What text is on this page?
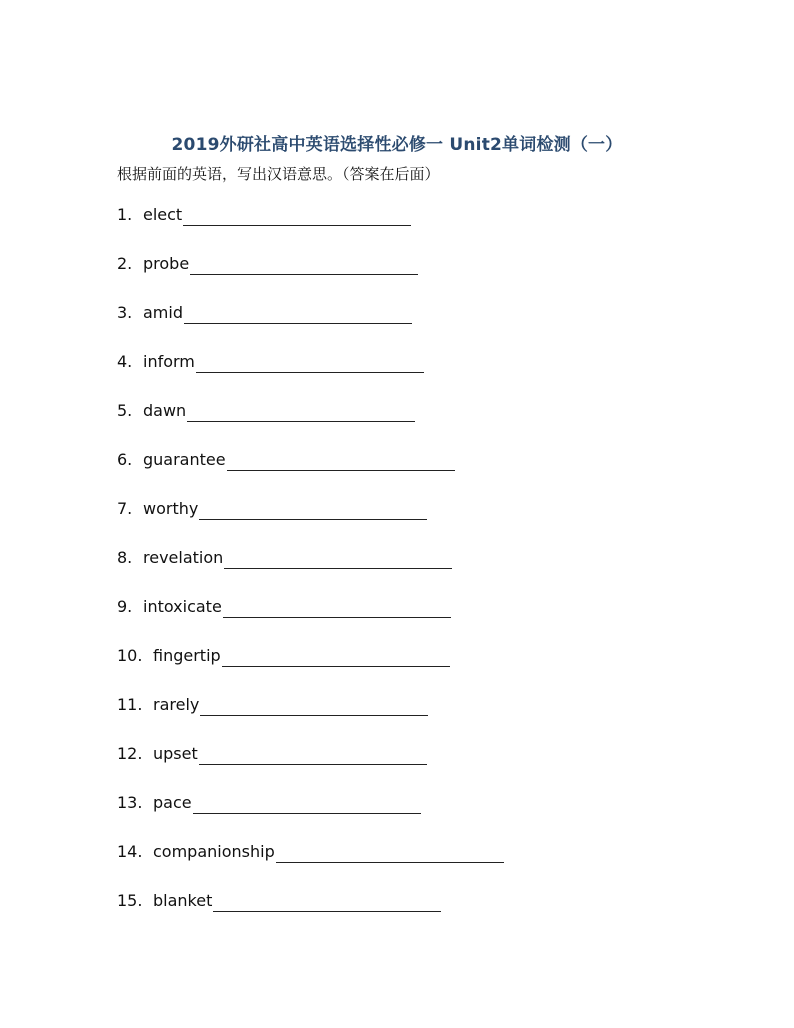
2019外研社高中英语选择性必修一 Unit2单词检测（一）
根据前面的英语，写出汉语意思。（答案在后面）
1. elect
2. probe
3. amid
4. inform
5. dawn
6. guarantee
7. worthy
8. revelation
9. intoxicate
10. fingertip
11. rarely
12. upset
13. pace
14. companionship
15. blanket
